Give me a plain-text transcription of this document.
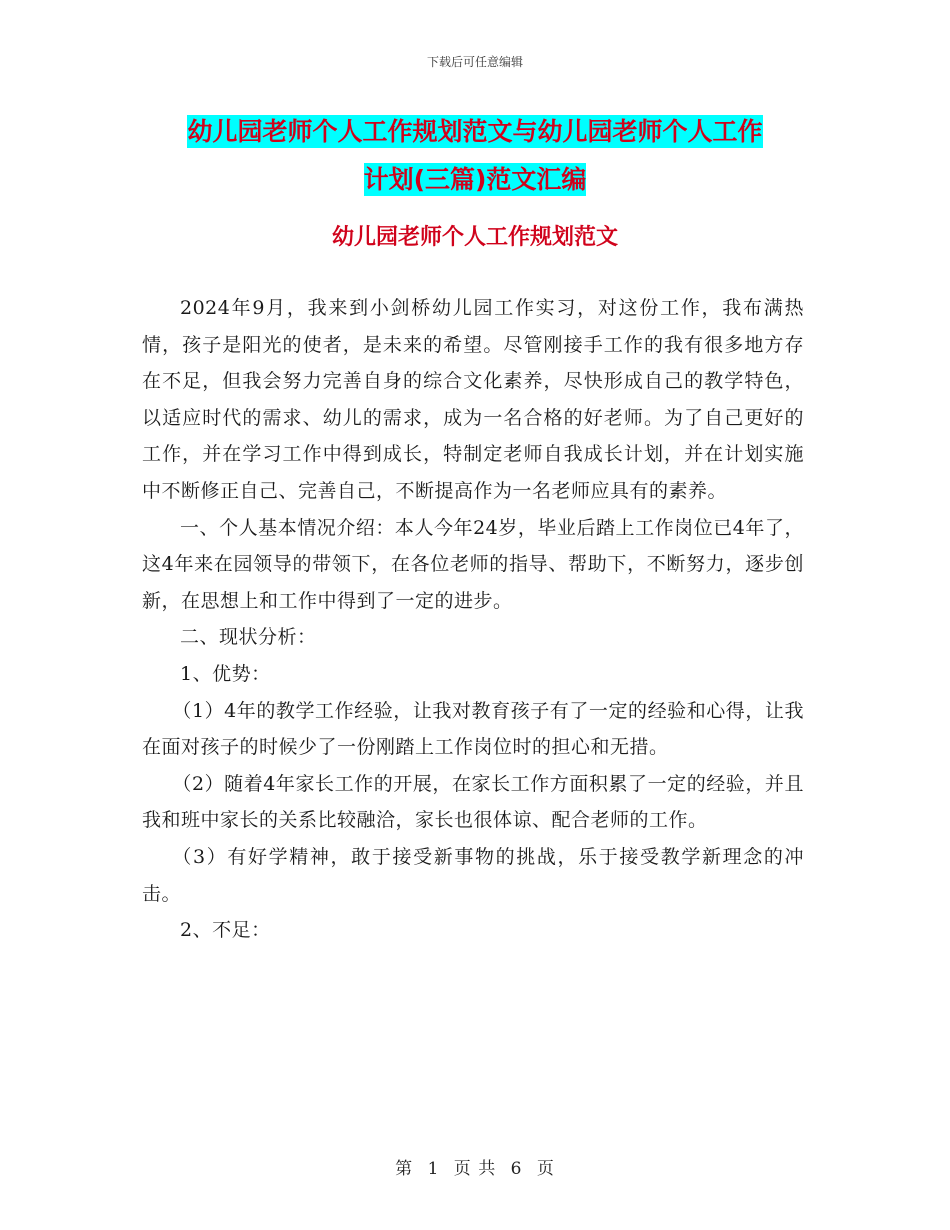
下载后可任意编辑
幼儿园老师个人工作规划范文与幼儿园老师个人工作
计划(三篇)范文汇编
幼儿园老师个人工作规划范文

2024年9月，我来到小剑桥幼儿园工作实习，对这份工作，我布满热情，孩子是阳光的使者，是未来的希望。尽管刚接手工作的我有很多地方存在不足，但我会努力完善自身的综合文化素养，尽快形成自己的教学特色，以适应时代的需求、幼儿的需求，成为一名合格的好老师。为了自己更好的工作，并在学习工作中得到成长，特制定老师自我成长计划，并在计划实施中不断修正自己、完善自己，不断提高作为一名老师应具有的素养。

一、个人基本情况介绍：本人今年24岁，毕业后踏上工作岗位已4年了，这4年来在园领导的带领下，在各位老师的指导、帮助下，不断努力，逐步创新，在思想上和工作中得到了一定的进步。

二、现状分析：

1、优势：

（1）4年的教学工作经验，让我对教育孩子有了一定的经验和心得，让我在面对孩子的时候少了一份刚踏上工作岗位时的担心和无措。

（2）随着4年家长工作的开展，在家长工作方面积累了一定的经验，并且我和班中家长的关系比较融洽，家长也很体谅、配合老师的工作。

（3）有好学精神，敢于接受新事物的挑战，乐于接受教学新理念的冲击。

2、不足：

第 1 页 共 6 页
